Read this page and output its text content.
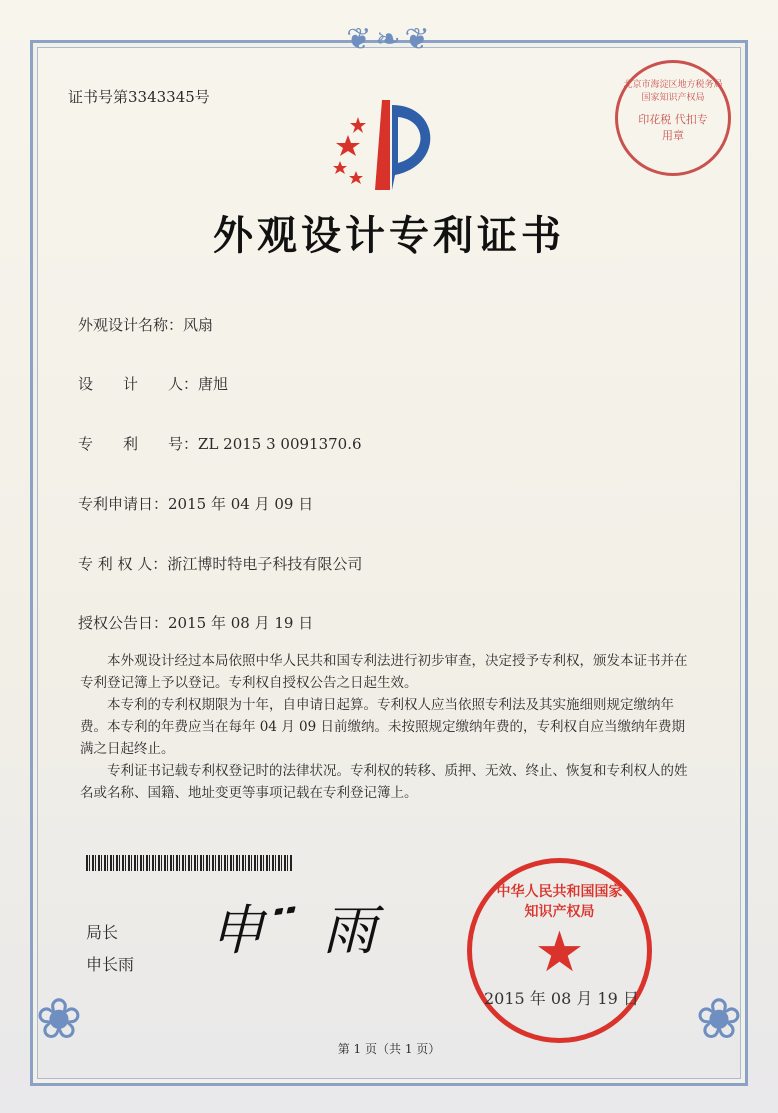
❦❧❦
❀	❀
证书号第3343345号
外观设计专利证书
外观设计名称：风扇
设　　计　　人：唐旭
专　　利　　号：ZL 2015 3 0091370.6
专利申请日：2015 年 04 月 09 日
专 利 权 人：浙江博时特电子科技有限公司
授权公告日：2015 年 08 月 19 日

本外观设计经过本局依照中华人民共和国专利法进行初步审查，决定授予专利权，颁发本证书并在专利登记簿上予以登记。专利权自授权公告之日起生效。

本专利的专利权期限为十年，自申请日起算。专利权人应当依照专利法及其实施细则规定缴纳年费。本专利的年费应当在每年 04 月 09 日前缴纳。未按照规定缴纳年费的，专利权自应当缴纳年费期满之日起终止。

专利证书记载专利权登记时的法律状况。专利权的转移、质押、无效、终止、恢复和专利权人的姓名或名称、国籍、地址变更等事项记载在专利登记簿上。

局长
申长雨
申 ፟ 雨
北京市海淀区地方税务局 国家知识产权局
印花税 代扣专用章
中华人民共和国国家知识产权局
★
2015 年 08 月 19 日
第 1 页（共 1 页）
